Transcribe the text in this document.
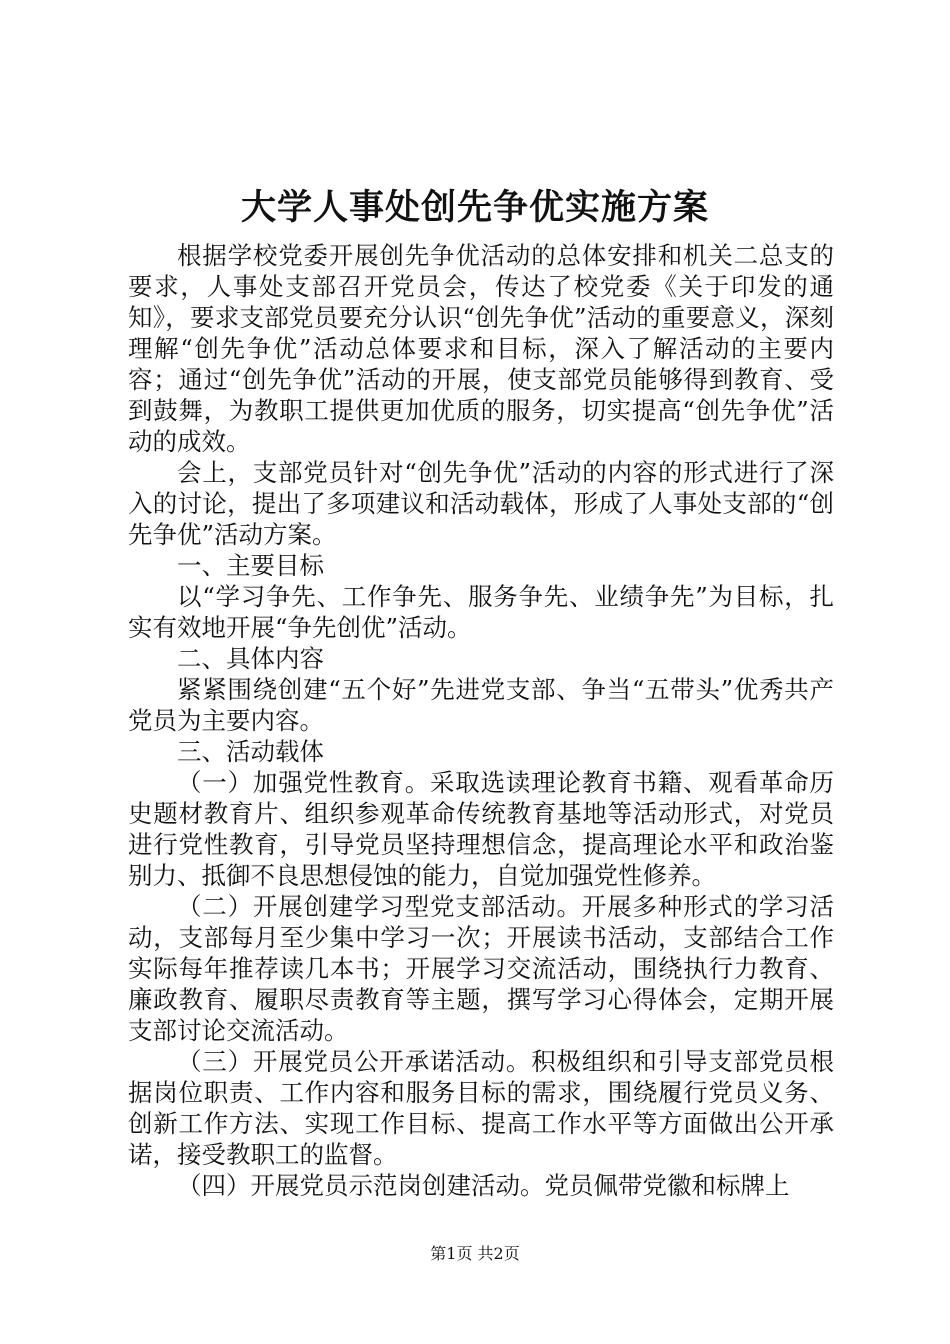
大学人事处创先争优实施方案

根据学校党委开展创先争优活动的总体安排和机关二总支的要求，人事处支部召开党员会，传达了校党委《关于印发的通知》，要求支部党员要充分认识“创先争优”活动的重要意义，深刻理解“创先争优”活动总体要求和目标，深入了解活动的主要内容；通过“创先争优”活动的开展，使支部党员能够得到教育、受到鼓舞，为教职工提供更加优质的服务，切实提高“创先争优”活动的成效。

会上，支部党员针对“创先争优”活动的内容的形式进行了深入的讨论，提出了多项建议和活动载体，形成了人事处支部的“创先争优”活动方案。

一、主要目标

以“学习争先、工作争先、服务争先、业绩争先”为目标，扎实有效地开展“争先创优”活动。

二、具体内容

紧紧围绕创建“五个好”先进党支部、争当“五带头”优秀共产党员为主要内容。

三、活动载体

（一）加强党性教育。采取选读理论教育书籍、观看革命历史题材教育片、组织参观革命传统教育基地等活动形式，对党员进行党性教育，引导党员坚持理想信念，提高理论水平和政治鉴别力、抵御不良思想侵蚀的能力，自觉加强党性修养。

（二）开展创建学习型党支部活动。开展多种形式的学习活动，支部每月至少集中学习一次；开展读书活动，支部结合工作实际每年推荐读几本书；开展学习交流活动，围绕执行力教育、廉政教育、履职尽责教育等主题，撰写学习心得体会，定期开展支部讨论交流活动。

（三）开展党员公开承诺活动。积极组织和引导支部党员根据岗位职责、工作内容和服务目标的需求，围绕履行党员义务、创新工作方法、实现工作目标、提高工作水平等方面做出公开承诺，接受教职工的监督。

（四）开展党员示范岗创建活动。党员佩带党徽和标牌上

第1页 共2页
